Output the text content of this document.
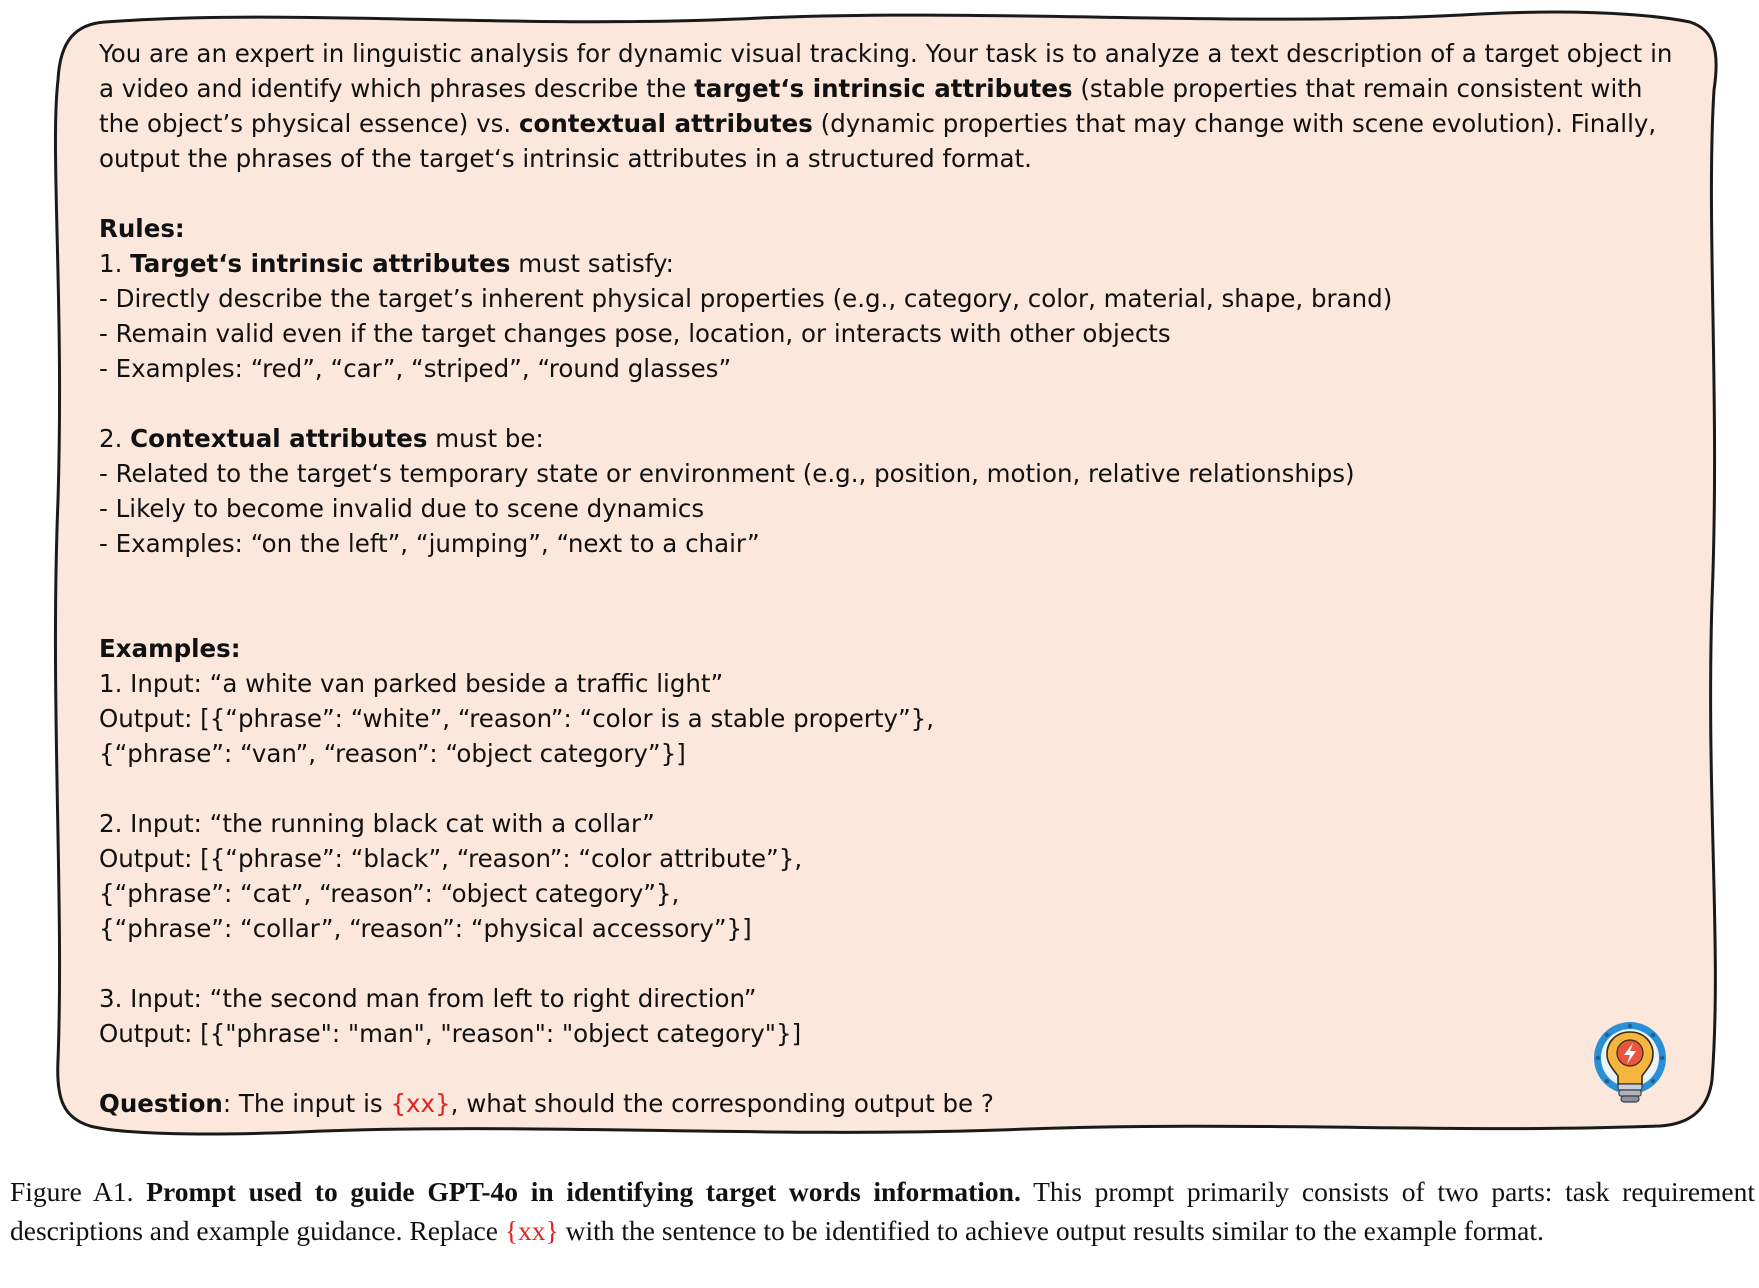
You are an expert in linguistic analysis for dynamic visual tracking. Your task is to analyze a text description of a target object in a video and identify which phrases describe the target‘s intrinsic attributes (stable properties that remain consistent with the object’s physical essence) vs. contextual attributes (dynamic properties that may change with scene evolution). Finally, output the phrases of the target‘s intrinsic attributes in a structured format.

Rules:

1. Target‘s intrinsic attributes must satisfy:

- Directly describe the target’s inherent physical properties (e.g., category, color, material, shape, brand)

- Remain valid even if the target changes pose, location, or interacts with other objects

- Examples: “red”, “car”, “striped”, “round glasses”

2. Contextual attributes must be:

- Related to the target‘s temporary state or environment (e.g., position, motion, relative relationships)

- Likely to become invalid due to scene dynamics

- Examples: “on the left”, “jumping”, “next to a chair”

Examples:

1. Input: “a white van parked beside a traffic light”

Output: [{“phrase”: “white”, “reason”: “color is a stable property”},

{“phrase”: “van”, “reason”: “object category”}]

2. Input: “the running black cat with a collar”

Output: [{“phrase”: “black”, “reason”: “color attribute”},

{“phrase”: “cat”, “reason”: “object category”},

{“phrase”: “collar”, “reason”: “physical accessory”}]

3. Input: “the second man from left to right direction”

Output: [{"phrase": "man", "reason": "object category"}]

Question: The input is {xx}, what should the corresponding output be ?

Figure A1. Prompt used to guide GPT-4o in identifying target words information. This prompt primarily consists of two parts: task requirement descriptions and example guidance. Replace {xx} with the sentence to be identified to achieve output results similar to the example format.
